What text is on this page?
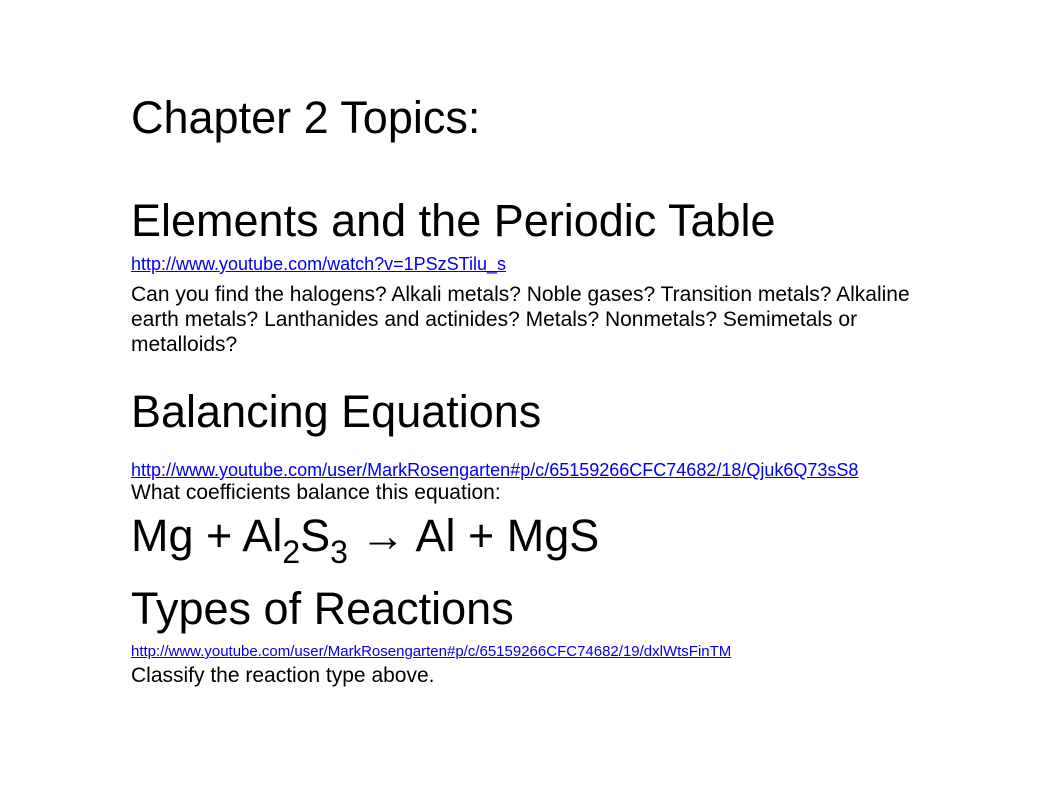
Chapter 2 Topics:
Elements and the Periodic Table
http://www.youtube.com/watch?v=1PSzSTilu_s
Can you find the halogens? Alkali metals? Noble gases? Transition metals? Alkaline earth metals? Lanthanides and actinides? Metals? Nonmetals? Semimetals or metalloids?
Balancing Equations
http://www.youtube.com/user/MarkRosengarten#p/c/65159266CFC74682/18/Qjuk6Q73sS8
What coefficients balance this equation:
$Mg + Al_2S_3 \to Al$ + MgS
Types of Reactions
http://www.youtube.com/user/MarkRosengarten#p/c/65159266CFC74682/19/dxlWtsFinTM
Classify the reaction type above.
